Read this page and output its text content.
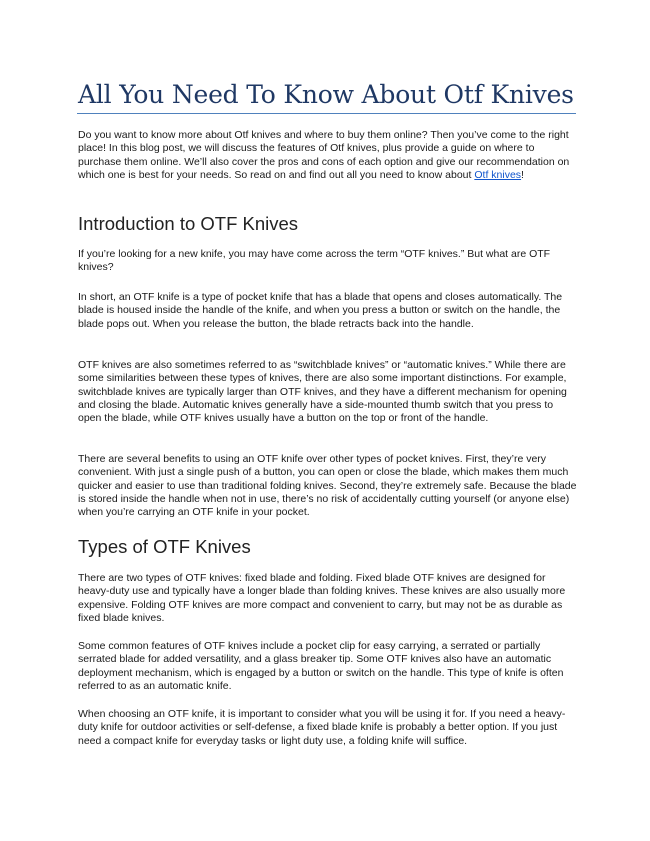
All You Need To Know About Otf Knives

Do you want to know more about Otf knives and where to buy them online? Then you’ve come to the right place! In this blog post, we will discuss the features of Otf knives, plus provide a guide on where to purchase them online. We’ll also cover the pros and cons of each option and give our recommendation on which one is best for your needs. So read on and find out all you need to know about Otf knives!

Introduction to OTF Knives

If you’re looking for a new knife, you may have come across the term “OTF knives.” But what are OTF knives?

In short, an OTF knife is a type of pocket knife that has a blade that opens and closes automatically. The blade is housed inside the handle of the knife, and when you press a button or switch on the handle, the blade pops out. When you release the button, the blade retracts back into the handle.

OTF knives are also sometimes referred to as “switchblade knives” or “automatic knives.” While there are some similarities between these types of knives, there are also some important distinctions. For example, switchblade knives are typically larger than OTF knives, and they have a different mechanism for opening and closing the blade. Automatic knives generally have a side-mounted thumb switch that you press to open the blade, while OTF knives usually have a button on the top or front of the handle.

There are several benefits to using an OTF knife over other types of pocket knives. First, they’re very convenient. With just a single push of a button, you can open or close the blade, which makes them much quicker and easier to use than traditional folding knives. Second, they’re extremely safe. Because the blade is stored inside the handle when not in use, there’s no risk of accidentally cutting yourself (or anyone else) when you’re carrying an OTF knife in your pocket.

Types of OTF Knives

There are two types of OTF knives: fixed blade and folding. Fixed blade OTF knives are designed for heavy-duty use and typically have a longer blade than folding knives. These knives are also usually more expensive. Folding OTF knives are more compact and convenient to carry, but may not be as durable as fixed blade knives.

Some common features of OTF knives include a pocket clip for easy carrying, a serrated or partially serrated blade for added versatility, and a glass breaker tip. Some OTF knives also have an automatic deployment mechanism, which is engaged by a button or switch on the handle. This type of knife is often referred to as an automatic knife.

When choosing an OTF knife, it is important to consider what you will be using it for. If you need a heavy-duty knife for outdoor activities or self-defense, a fixed blade knife is probably a better option. If you just need a compact knife for everyday tasks or light duty use, a folding knife will suffice.
